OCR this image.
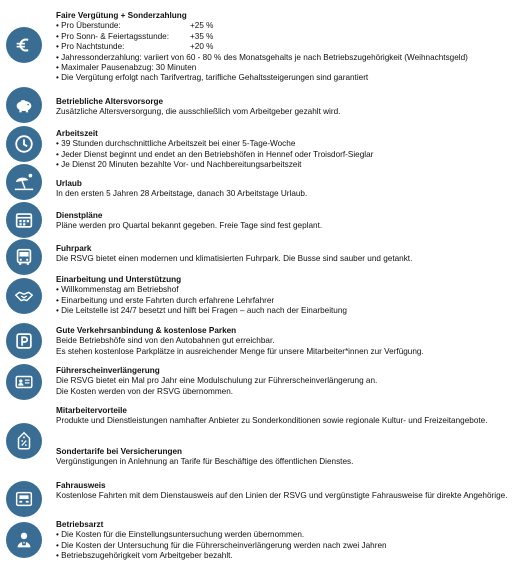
Faire Vergütung + Sonderzahlung
• Pro Überstunde:	+25 %
• Pro Sonn- & Feiertagsstunde:	+35 %
• Pro Nachtstunde:	+20 %
• Jahressonderzahlung: variiert von 60 - 80 % des Monatsgehalts je nach Betriebszugehörigkeit (Weihnachtsgeld)
• Maximaler Pausenabzug: 30 Minuten
• Die Vergütung erfolgt nach Tarifvertrag, tarifliche Gehaltssteigerungen sind garantiert
Betriebliche Altersvorsorge
Zusätzliche Altersversorgung, die ausschließlich vom Arbeitgeber gezahlt wird.
Arbeitszeit
• 39 Stunden durchschnittliche Arbeitszeit bei einer 5-Tage-Woche
• Jeder Dienst beginnt und endet an den Betriebshöfen in Hennef oder Troisdorf-Sieglar
• Je Dienst 20 Minuten bezahlte Vor- und Nachbereitungsarbeitszeit
Urlaub
In den ersten 5 Jahren 28 Arbeitstage, danach 30 Arbeitstage Urlaub.
Dienstpläne
Pläne werden pro Quartal bekannt gegeben. Freie Tage sind fest geplant.
Fuhrpark
Die RSVG bietet einen modernen und klimatisierten Fuhrpark. Die Busse sind sauber und getankt.
Einarbeitung und Unterstützung
• Willkommenstag am Betriebshof
• Einarbeitung und erste Fahrten durch erfahrene Lehrfahrer
• Die Leitstelle ist 24/7 besetzt und hilft bei Fragen – auch nach der Einarbeitung
Gute Verkehrsanbindung & kostenlose Parken
Beide Betriebshöfe sind von den Autobahnen gut erreichbar.
Es stehen kostenlose Parkplätze in ausreichender Menge für unsere Mitarbeiter*innen zur Verfügung.
Führerscheinverlängerung
Die RSVG bietet ein Mal pro Jahr eine Modulschulung zur Führerscheinverlängerung an.
Die Kosten werden von der RSVG übernommen.
Mitarbeitervorteile
Produkte und Dienstleistungen namhafter Anbieter zu Sonderkonditionen sowie regionale Kultur- und Freizeitangebote.
Sondertarife bei Versicherungen
Vergünstigungen in Anlehnung an Tarife für Beschäftige des öffentlichen Dienstes.
Fahrausweis
Kostenlose Fahrten mit dem Dienstausweis auf den Linien der RSVG und vergünstigte Fahrausweise für direkte Angehörige.
Betriebsarzt
• Die Kosten für die Einstellungsuntersuchung werden übernommen.
• Die Kosten der Untersuchung für die Führerscheinverlängerung werden nach zwei Jahren
• Betriebszugehörigkeit vom Arbeitgeber bezahlt.
